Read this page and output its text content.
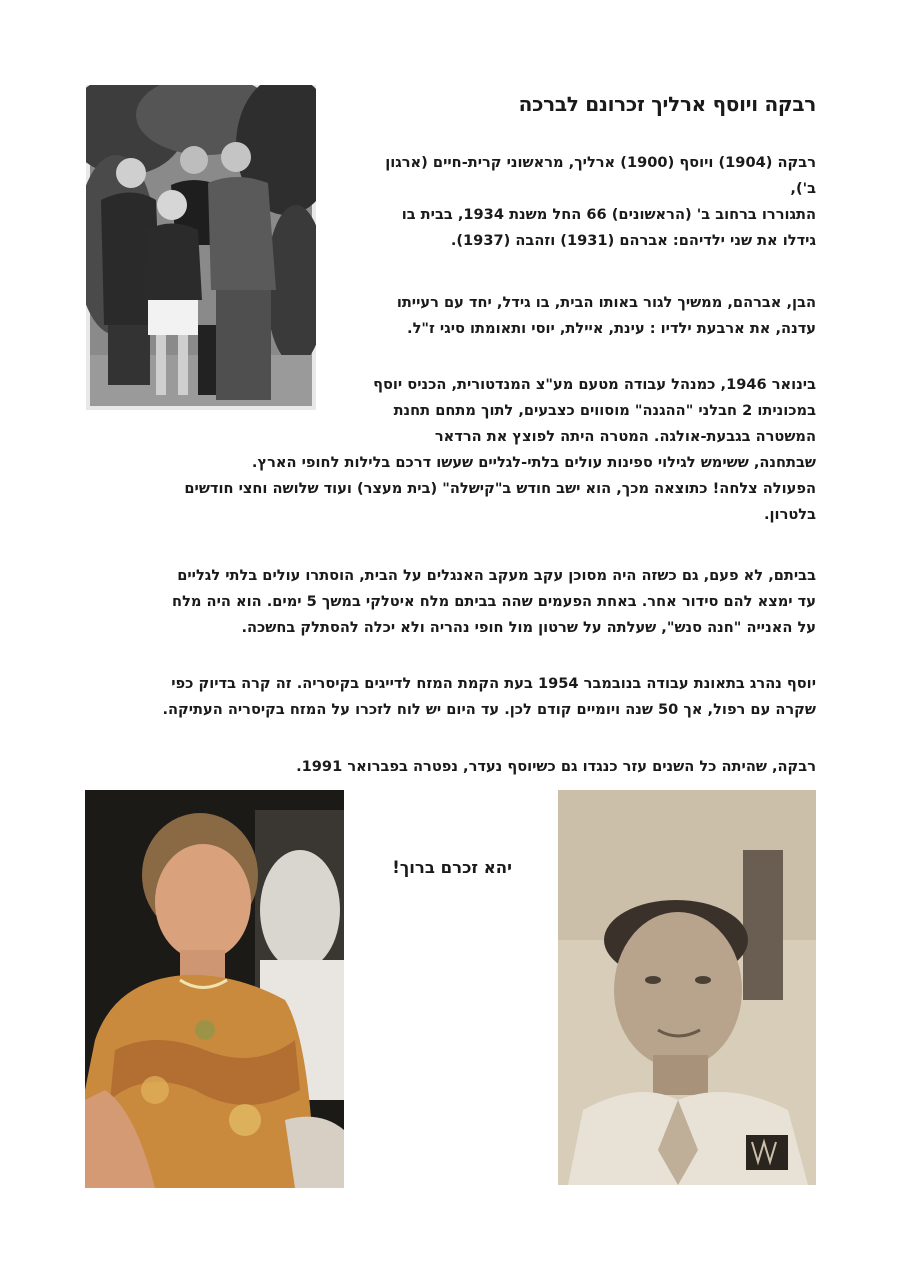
רבקה ויוסף ארליך זכרונם לברכה

רבקה (1904) ויוסף (1900) ארליך, מראשוני קרית-חיים (ארגון
ב'),
התגוררו ברחוב ב' (הראשונים) 66 החל משנת 1934, בבית בו
גידלו את שני ילדיהם: אברהם (1931) וזהבה (1937).

הבן, אברהם, ממשיך לגור באותו הבית, בו גידל, יחד עם רעייתו
עדנה, את ארבעת ילדיו : עינת, איילת, יוסי ותאומתו סיגי ז"ל.

בינואר 1946, כמנהל עבודה מטעם מע"צ המנדטורית, הכניס יוסף
במכוניתו 2 חבלני "ההגנה" מוסווים כצבעים, לתוך מתחם תחנת
המשטרה בגבעת-אולגה. המטרה היתה לפוצץ את הרדאר
שבתחנה, ששימש לגילוי ספינות עולים בלתי-לגליים שעשו דרכם בלילות לחופי הארץ.
הפעולה צלחה! כתוצאה מכך, הוא ישב חודש ב"קישלה" (בית מעצר) ועוד שלושה וחצי חודשים
בלטרון.

בביתם, לא פעם, גם כשזה היה מסוכן עקב מעקב האנגלים על הבית, הוסתרו עולים בלתי לגליים
עד ימצא להם סידור אחר. באחת הפעמים שהה בביתם מלח איטלקי במשך 5 ימים. הוא היה מלח
על האנייה "חנה סנש", שעלתה על שרטון מול חופי נהריה ולא יכלה להסתלק בחשכה.

יוסף נהרג בתאונת עבודה בנובמבר 1954 בעת הקמת המזח לדייגים בקיסריה. זה קרה בדיוק כפי
שקרה עם רפול, אך 50 שנה ויומיים קודם לכן. עד היום יש לוח לזכרו על המזח בקיסריה העתיקה.

רבקה, שהיתה כל השנים עזר כנגדו גם כשיוסף נעדר, נפטרה בפברואר 1991.

יהא זכרם ברוך!
